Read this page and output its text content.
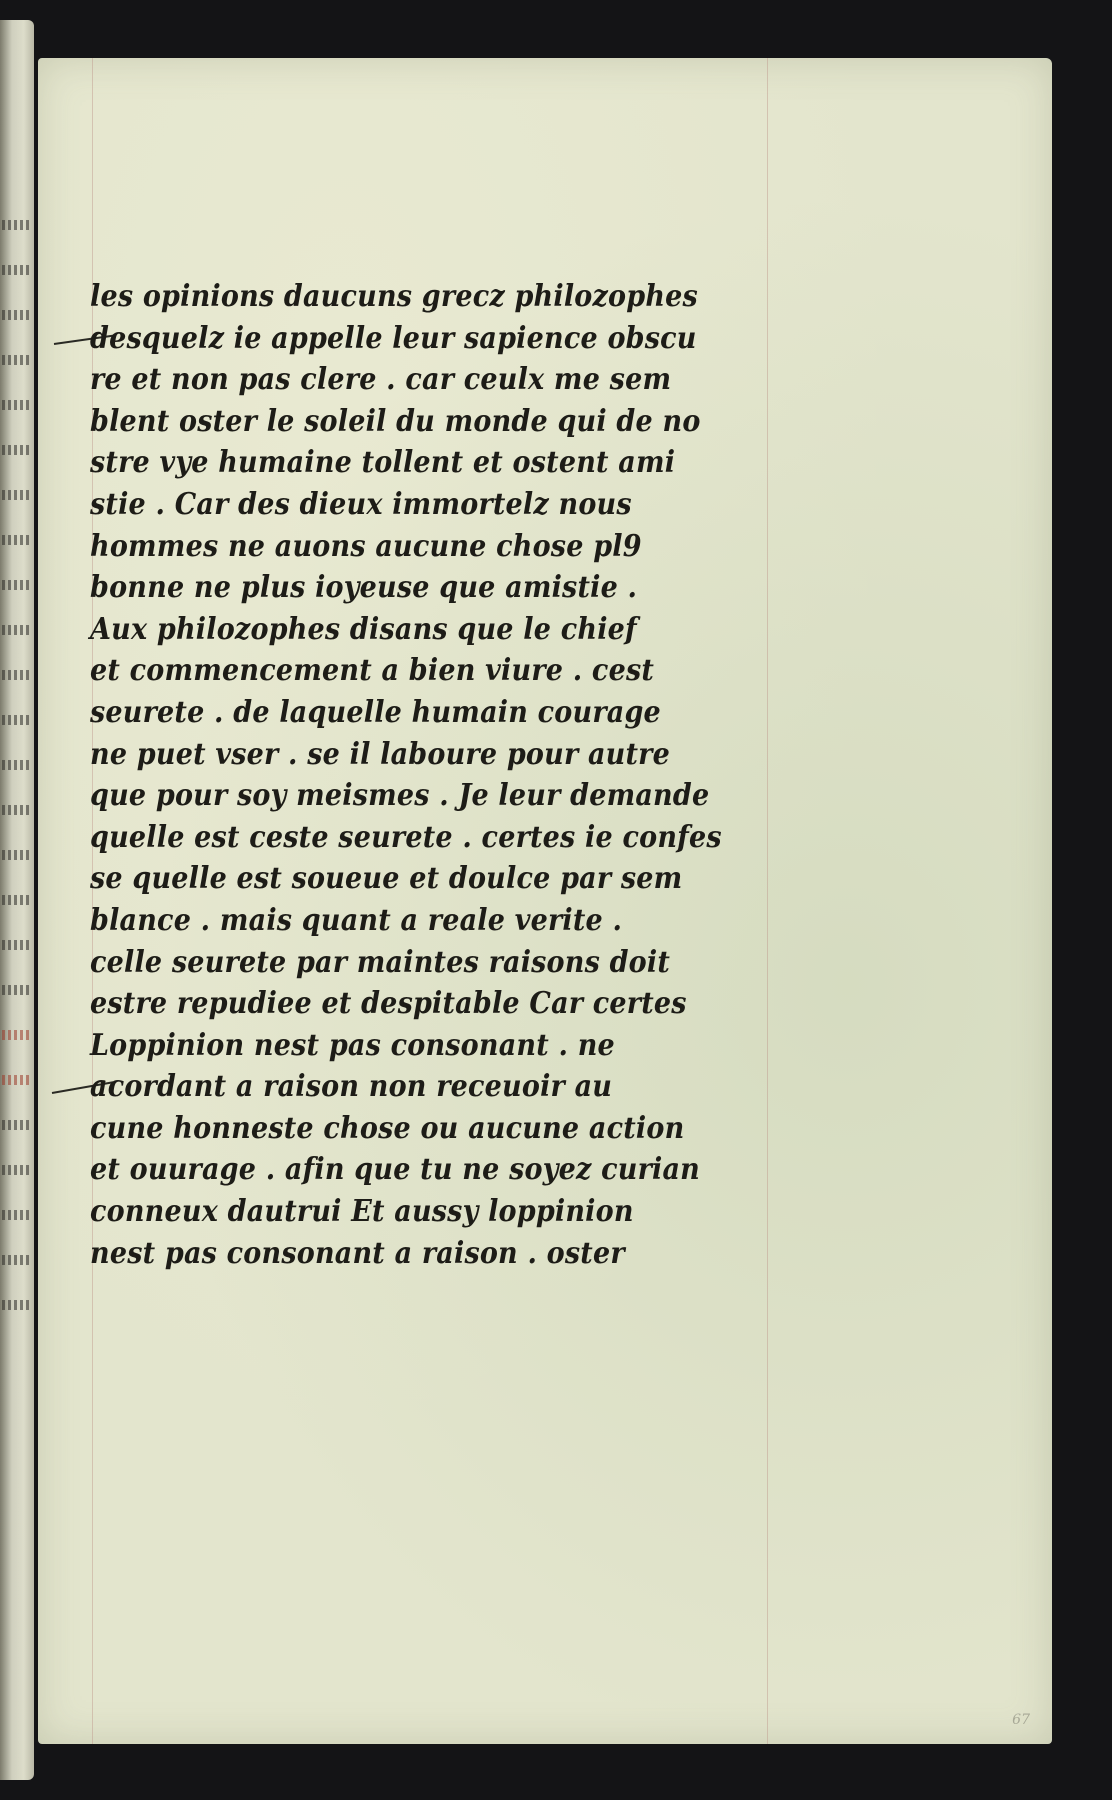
les opinions daucuns grecz philozophes
desquelz ie appelle leur sapience obscu
re et non pas clere . car ceulx me sem
blent oster le soleil du monde qui de no
stre vye humaine tollent et ostent ami
stie . Car des dieux immortelz nous
hommes ne auons aucune chose pl9
bonne ne plus ioyeuse que amistie .
Aux philozophes disans que le chief
et commencement a bien viure . cest
seurete . de laquelle humain courage
ne puet vser . se il laboure pour autre
que pour soy meismes . Je leur demande
quelle est ceste seurete . certes ie confes
se quelle est soueue et doulce par sem
blance . mais quant a reale verite .
celle seurete par maintes raisons doit
estre repudiee et despitable Car certes
Loppinion nest pas consonant . ne
acordant a raison non receuoir au
cune honneste chose ou aucune action
et ouurage . afin que tu ne soyez curian
conneux dautrui Et aussy loppinion
nest pas consonant a raison . oster
67
